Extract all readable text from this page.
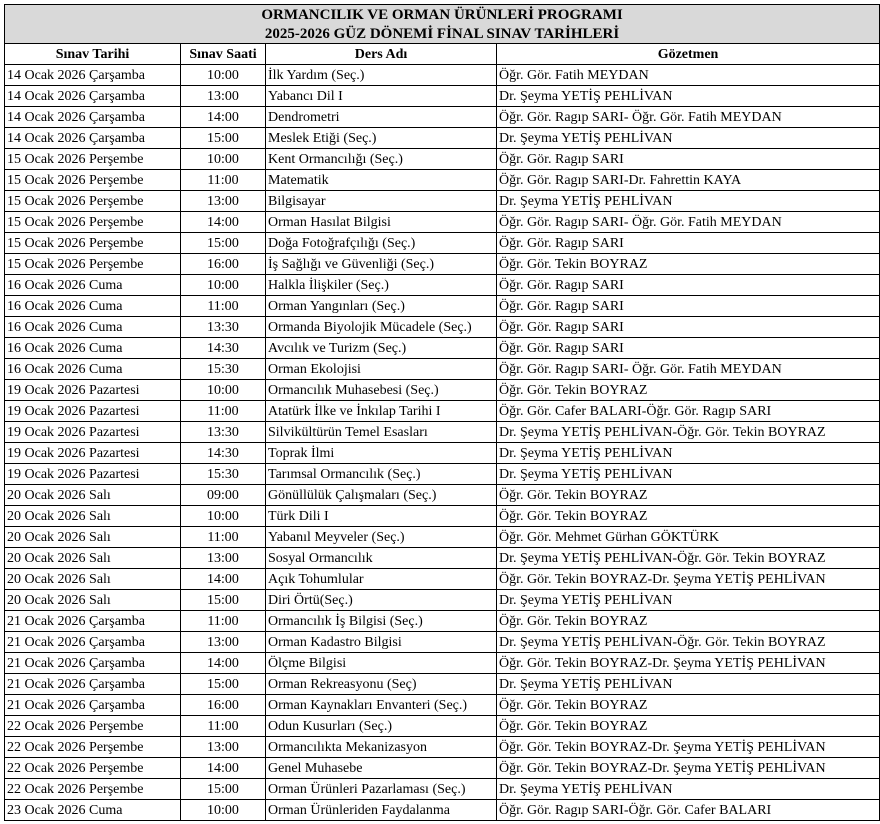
ORMANCILIK VE ORMAN ÜRÜNLERİ PROGRAMI			
2025-2026 GÜZ DÖNEMİ FİNAL SINAV TARİHLERİ			
Sınav Tarihi	Sınav Saati	Ders Adı	Gözetmen
14 Ocak 2026 Çarşamba	10:00	İlk Yardım (Seç.)	Öğr. Gör. Fatih MEYDAN
14 Ocak 2026 Çarşamba	13:00	Yabancı Dil I	Dr. Şeyma YETİŞ PEHLİVAN
14 Ocak 2026 Çarşamba	14:00	Dendrometri	Öğr. Gör. Ragıp SARI- Öğr. Gör. Fatih MEYDAN
14 Ocak 2026 Çarşamba	15:00	Meslek Etiği (Seç.)	Dr. Şeyma YETİŞ PEHLİVAN
15 Ocak 2026 Perşembe	10:00	Kent Ormancılığı (Seç.)	Öğr. Gör. Ragıp SARI
15 Ocak 2026 Perşembe	11:00	Matematik	Öğr. Gör. Ragıp SARI-Dr. Fahrettin KAYA
15 Ocak 2026 Perşembe	13:00	Bilgisayar	Dr. Şeyma YETİŞ PEHLİVAN
15 Ocak 2026 Perşembe	14:00	Orman Hasılat Bilgisi	Öğr. Gör. Ragıp SARI- Öğr. Gör. Fatih MEYDAN
15 Ocak 2026 Perşembe	15:00	Doğa Fotoğrafçılığı (Seç.)	Öğr. Gör. Ragıp SARI
15 Ocak 2026 Perşembe	16:00	İş Sağlığı ve Güvenliği (Seç.)	Öğr. Gör. Tekin BOYRAZ
16 Ocak 2026 Cuma	10:00	Halkla İlişkiler (Seç.)	Öğr. Gör. Ragıp SARI
16 Ocak 2026 Cuma	11:00	Orman Yangınları (Seç.)	Öğr. Gör. Ragıp SARI
16 Ocak 2026 Cuma	13:30	Ormanda Biyolojik Mücadele (Seç.)	Öğr. Gör. Ragıp SARI
16 Ocak 2026 Cuma	14:30	Avcılık ve Turizm (Seç.)	Öğr. Gör. Ragıp SARI
16 Ocak 2026 Cuma	15:30	Orman Ekolojisi	Öğr. Gör. Ragıp SARI- Öğr. Gör. Fatih MEYDAN
19 Ocak 2026 Pazartesi	10:00	Ormancılık Muhasebesi (Seç.)	Öğr. Gör. Tekin BOYRAZ
19 Ocak 2026 Pazartesi	11:00	Atatürk İlke ve İnkılap Tarihi I	Öğr. Gör. Cafer BALARI-Öğr. Gör. Ragıp SARI
19 Ocak 2026 Pazartesi	13:30	Silvikültürün Temel Esasları	Dr. Şeyma YETİŞ PEHLİVAN-Öğr. Gör. Tekin BOYRAZ
19 Ocak 2026 Pazartesi	14:30	Toprak İlmi	Dr. Şeyma YETİŞ PEHLİVAN
19 Ocak 2026 Pazartesi	15:30	Tarımsal Ormancılık (Seç.)	Dr. Şeyma YETİŞ PEHLİVAN
20 Ocak 2026 Salı	09:00	Gönüllülük Çalışmaları (Seç.)	Öğr. Gör. Tekin BOYRAZ
20 Ocak 2026 Salı	10:00	Türk Dili I	Öğr. Gör. Tekin BOYRAZ
20 Ocak 2026 Salı	11:00	Yabanıl Meyveler (Seç.)	Öğr. Gör. Mehmet Gürhan GÖKTÜRK
20 Ocak 2026 Salı	13:00	Sosyal Ormancılık	Dr. Şeyma YETİŞ PEHLİVAN-Öğr. Gör. Tekin BOYRAZ
20 Ocak 2026 Salı	14:00	Açık Tohumlular	Öğr. Gör. Tekin BOYRAZ-Dr. Şeyma YETİŞ PEHLİVAN
20 Ocak 2026 Salı	15:00	Diri Örtü(Seç.)	Dr. Şeyma YETİŞ PEHLİVAN
21 Ocak 2026 Çarşamba	11:00	Ormancılık İş Bilgisi (Seç.)	Öğr. Gör. Tekin BOYRAZ
21 Ocak 2026 Çarşamba	13:00	Orman Kadastro Bilgisi	Dr. Şeyma YETİŞ PEHLİVAN-Öğr. Gör. Tekin BOYRAZ
21 Ocak 2026 Çarşamba	14:00	Ölçme Bilgisi	Öğr. Gör. Tekin BOYRAZ-Dr. Şeyma YETİŞ PEHLİVAN
21 Ocak 2026 Çarşamba	15:00	Orman Rekreasyonu (Seç)	Dr. Şeyma YETİŞ PEHLİVAN
21 Ocak 2026 Çarşamba	16:00	Orman Kaynakları Envanteri (Seç.)	Öğr. Gör. Tekin BOYRAZ
22 Ocak 2026 Perşembe	11:00	Odun Kusurları (Seç.)	Öğr. Gör. Tekin BOYRAZ
22 Ocak 2026 Perşembe	13:00	Ormancılıkta Mekanizasyon	Öğr. Gör. Tekin BOYRAZ-Dr. Şeyma YETİŞ PEHLİVAN
22 Ocak 2026 Perşembe	14:00	Genel Muhasebe	Öğr. Gör. Tekin BOYRAZ-Dr. Şeyma YETİŞ PEHLİVAN
22 Ocak 2026 Perşembe	15:00	Orman Ürünleri Pazarlaması (Seç.)	Dr. Şeyma YETİŞ PEHLİVAN
23 Ocak 2026 Cuma	10:00	Orman Ürünleriden Faydalanma	Öğr. Gör. Ragıp SARI-Öğr. Gör. Cafer BALARI
